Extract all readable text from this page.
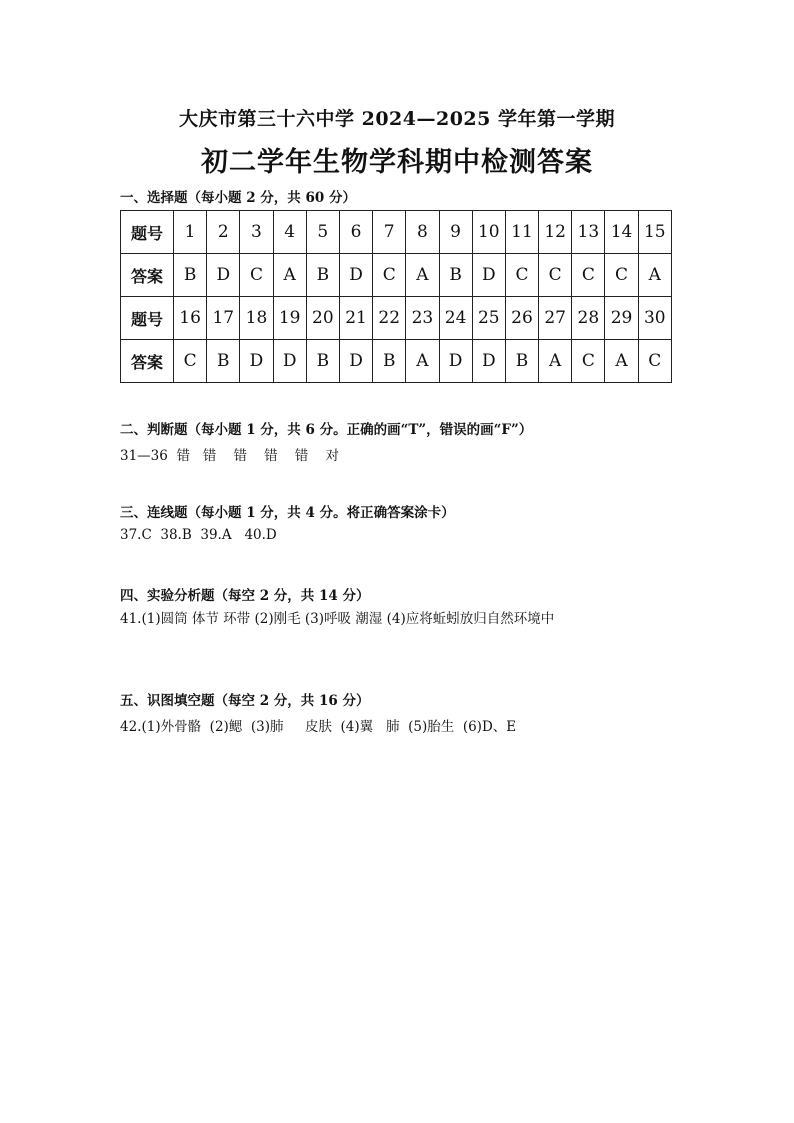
大庆市第三十六中学 2024—2025 学年第一学期
初二学年生物学科期中检测答案
一、选择题（每小题 2 分，共 60 分）
题号	1	2	3	4	5	6	7	8	9	10	11	12	13	14	15
答案	B	D	C	A	B	D	C	A	B	D	C	C	C	C	A
题号	16	17	18	19	20	21	22	23	24	25	26	27	28	29	30
答案	C	B	D	D	B	D	B	A	D	D	B	A	C	A	C
二、判断题（每小题 1 分，共 6 分。正确的画“T”，错误的画“F”）
31—36  错   错    错    错    错    对
三、连线题（每小题 1 分，共 4 分。将正确答案涂卡）
37.C  38.B  39.A   40.D
四、实验分析题（每空 2 分，共 14 分）
41.(1)圆筒 体节 环带 (2)刚毛 (3)呼吸 潮湿 (4)应将蚯蚓放归自然环境中
五、识图填空题（每空 2 分，共 16 分）
42.(1)外骨骼  (2)鳃  (3)肺     皮肤  (4)翼   肺  (5)胎生  (6)D、E
